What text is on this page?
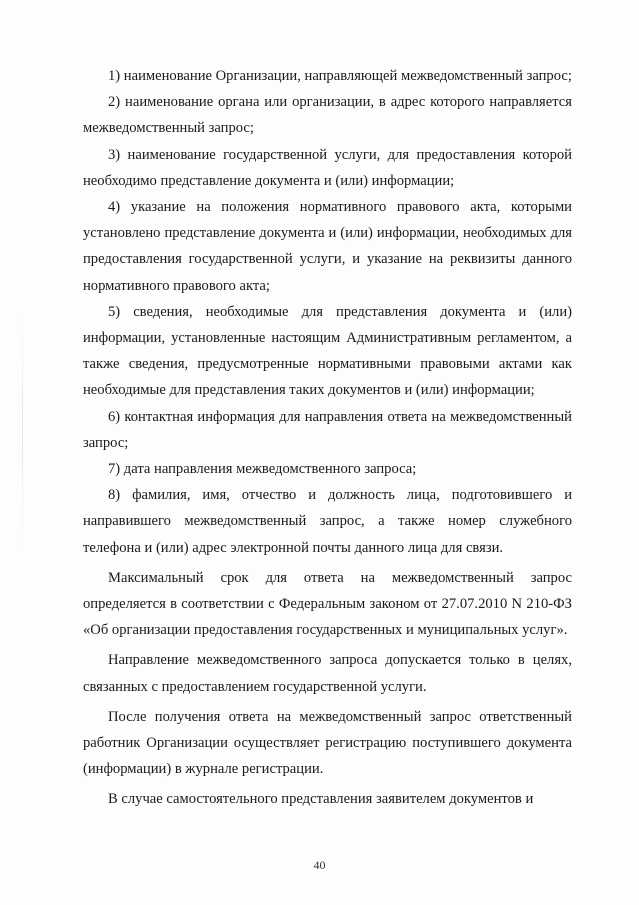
1) наименование Организации, направляющей межведомственный запрос;

2) наименование органа или организации, в адрес которого направляется межведомственный запрос;

3) наименование государственной услуги, для предоставления которой необходимо представление документа и (или) информации;

4) указание на положения нормативного правового акта, которыми установлено представление документа и (или) информации, необходимых для предоставления государственной услуги, и указание на реквизиты данного нормативного правового акта;

5) сведения, необходимые для представления документа и (или) информации, установленные настоящим Административным регламентом, а также сведения, предусмотренные нормативными правовыми актами как необходимые для представления таких документов и (или) информации;

6) контактная информация для направления ответа на межведомственный запрос;

7) дата направления межведомственного запроса;

8) фамилия, имя, отчество и должность лица, подготовившего и направившего межведомственный запрос, а также номер служебного телефона и (или) адрес электронной почты данного лица для связи.

Максимальный срок для ответа на межведомственный запрос определяется в соответствии с Федеральным законом от 27.07.2010 N 210-ФЗ «Об организации предоставления государственных и муниципальных услуг».

Направление межведомственного запроса допускается только в целях, связанных с предоставлением государственной услуги.

После получения ответа на межведомственный запрос ответственный работник Организации осуществляет регистрацию поступившего документа (информации) в журнале регистрации.

В случае самостоятельного представления заявителем документов и

40
